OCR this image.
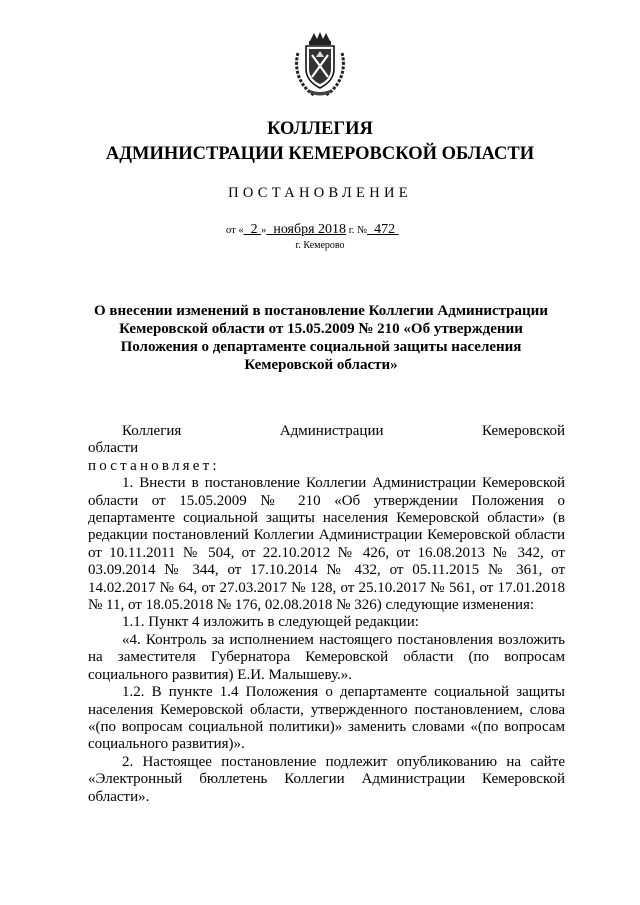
КОЛЛЕГИЯ
АДМИНИСТРАЦИИ КЕМЕРОВСКОЙ ОБЛАСТИ
ПОСТАНОВЛЕНИЕ
от « 2 » ноября 2018 г. № 472
г. Кемерово
О внесении изменений в постановление Коллегии Администрации
Кемеровской области от 15.05.2009 № 210 «Об утверждении
Положения о департаменте социальной защиты населения
Кемеровской области»

Коллегия Администрации Кемеровской области

постановляет:

1. Внести в постановление Коллегии Администрации Кемеровской области от 15.05.2009 № 210 «Об утверждении Положения о департаменте социальной защиты населения Кемеровской области» (в редакции постановлений Коллегии Администрации Кемеровской области от 10.11.2011 № 504, от 22.10.2012 № 426, от 16.08.2013 № 342, от 03.09.2014 № 344, от 17.10.2014 № 432, от 05.11.2015 № 361, от 14.02.2017 № 64, от 27.03.2017 № 128, от 25.10.2017 № 561, от 17.01.2018 № 11, от 18.05.2018 № 176, 02.08.2018 № 326) следующие изменения:

1.1. Пункт 4 изложить в следующей редакции:

«4. Контроль за исполнением настоящего постановления возложить на заместителя Губернатора Кемеровской области (по вопросам социального развития) Е.И. Малышеву.».

1.2. В пункте 1.4 Положения о департаменте социальной защиты населения Кемеровской области, утвержденного постановлением, слова «(по вопросам социальной политики)» заменить словами «(по вопросам социального развития)».

2. Настоящее постановление подлежит опубликованию на сайте «Электронный бюллетень Коллегии Администрации Кемеровской области».
